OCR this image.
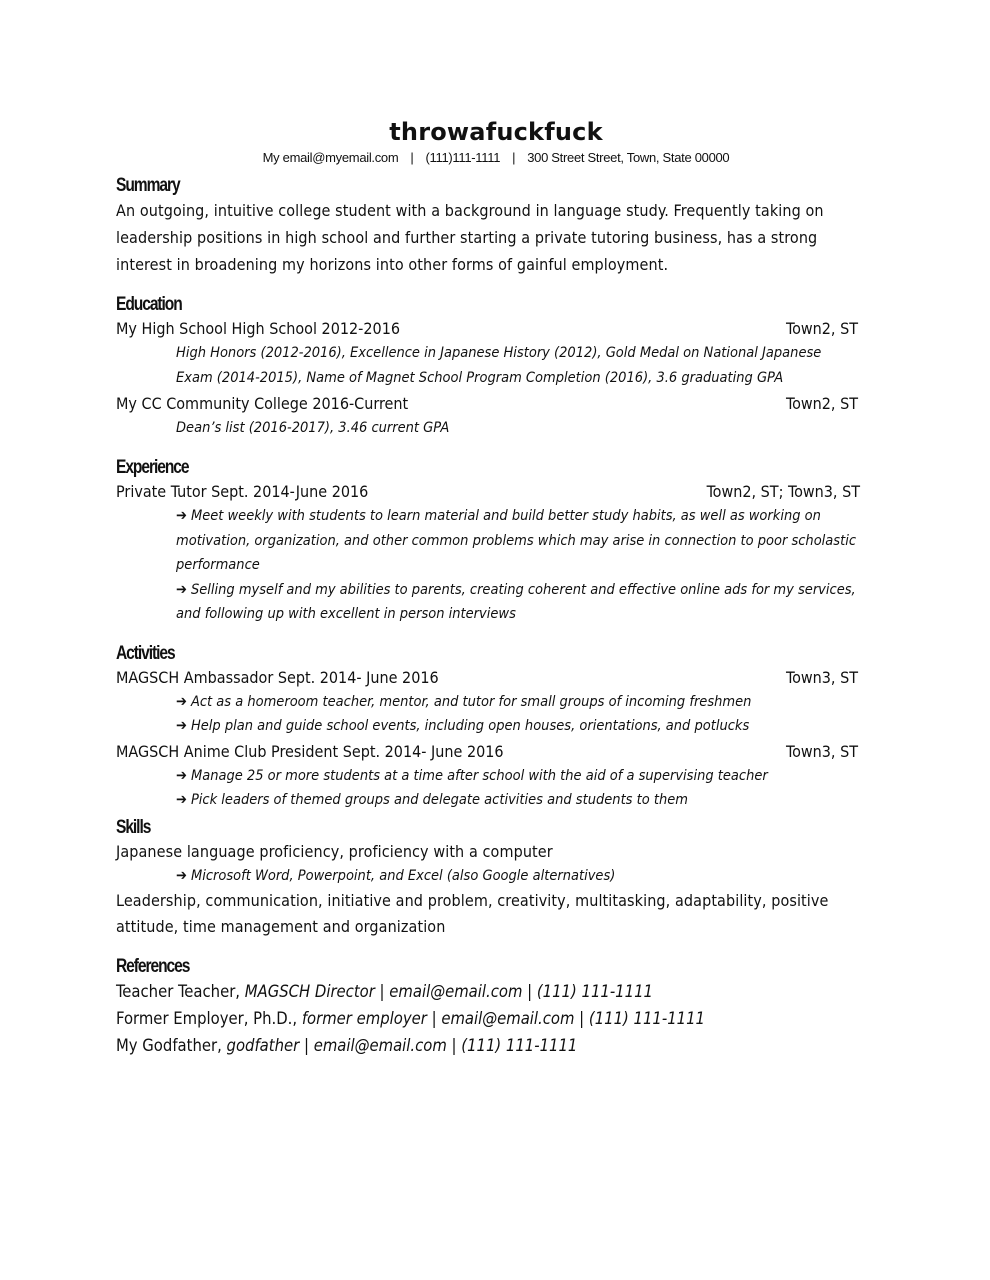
throwafuckfuck
My email@myemail.com | (111)111-1111 | 300 Street Street, Town, State 00000
Summary

An outgoing, intuitive college student with a background in language study. Frequently taking on leadership positions in high school and further starting a private tutoring business, has a strong interest in broadening my horizons into other forms of gainful employment.

Education
My High School High School 2012-2016	Town2, ST

High Honors (2012-2016), Excellence in Japanese History (2012), Gold Medal on National Japanese

Exam (2014-2015), Name of Magnet School Program Completion (2016), 3.6 graduating GPA

My CC Community College 2016-Current	Town2, ST

Dean’s list (2016-2017), 3.46 current GPA

Experience
Private Tutor Sept. 2014-June 2016	Town2, ST; Town3, ST

➔ Meet weekly with students to learn material and build better study habits, as well as working on motivation, organization, and other common problems which may arise in connection to poor scholastic performance

➔ Selling myself and my abilities to parents, creating coherent and effective online ads for my services, and following up with excellent in person interviews

Activities
MAGSCH Ambassador Sept. 2014- June 2016	Town3, ST

➔ Act as a homeroom teacher, mentor, and tutor for small groups of incoming freshmen

➔ Help plan and guide school events, including open houses, orientations, and potlucks

MAGSCH Anime Club President Sept. 2014- June 2016	Town3, ST

➔ Manage 25 or more students at a time after school with the aid of a supervising teacher

➔ Pick leaders of themed groups and delegate activities and students to them

Skills

Japanese language proficiency, proficiency with a computer

➔ Microsoft Word, Powerpoint, and Excel (also Google alternatives)

Leadership, communication, initiative and problem, creativity, multitasking, adaptability, positive attitude, time management and organization

References
Teacher Teacher, MAGSCH Director | email@email.com | (111) 111-1111
Former Employer, Ph.D., former employer | email@email.com | (111) 111-1111
My Godfather, godfather | email@email.com | (111) 111-1111
